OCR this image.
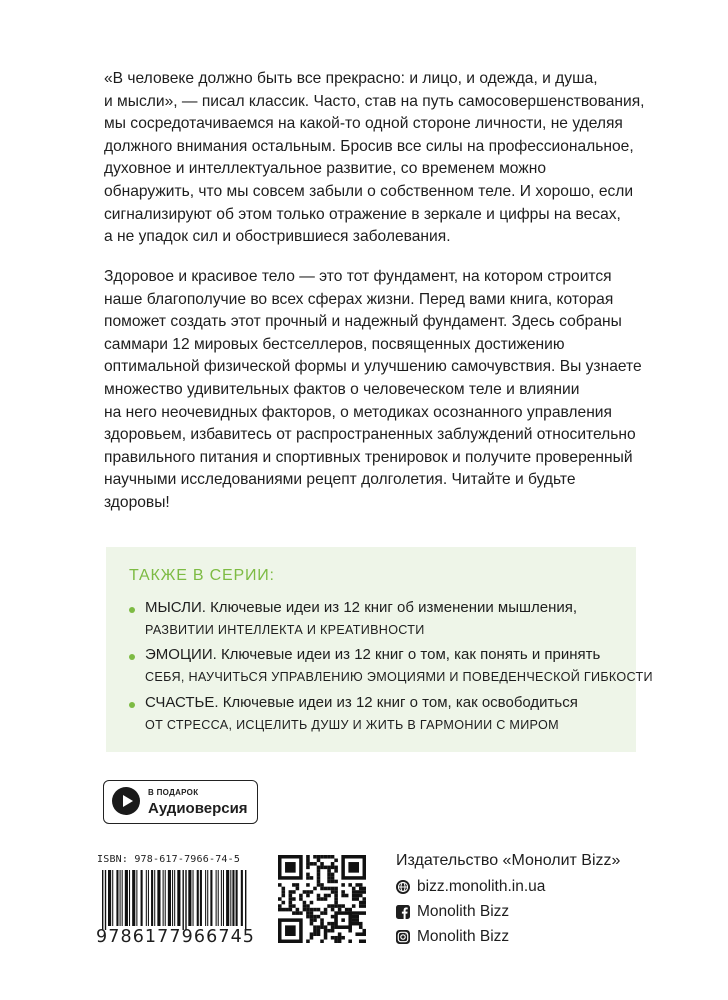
«В человеке должно быть все прекрасно: и лицо, и одежда, и душа,
и мысли», — писал классик. Часто, став на путь самосовершенствования,
мы сосредотачиваемся на какой-то одной стороне личности, не уделяя
должного внимания остальным. Бросив все силы на профессиональное,
духовное и интеллектуальное развитие, со временем можно
обнаружить, что мы совсем забыли о собственном теле. И хорошо, если
сигнализируют об этом только отражение в зеркале и цифры на весах,
а не упадок сил и обострившиеся заболевания.
Здоровое и красивое тело — это тот фундамент, на котором строится
наше благополучие во всех сферах жизни. Перед вами книга, которая
поможет создать этот прочный и надежный фундамент. Здесь собраны
саммари 12 мировых бестселлеров, посвященных достижению
оптимальной физической формы и улучшению самочувствия. Вы узнаете
множество удивительных фактов о человеческом теле и влиянии
на него неочевидных факторов, о методиках осознанного управления
здоровьем, избавитесь от распространенных заблуждений относительно
правильного питания и спортивных тренировок и получите проверенный
научными исследованиями рецепт долголетия. Читайте и будьте
здоровы!
ТАКЖЕ В СЕРИИ:
МЫСЛИ. Ключевые идеи из 12 книг об изменении мышления,
РАЗВИТИИ ИНТЕЛЛЕКТА И КРЕАТИВНОСТИ
ЭМОЦИИ. Ключевые идеи из 12 книг о том, как понять и принять
СЕБЯ, НАУЧИТЬСЯ УПРАВЛЕНИЮ ЭМОЦИЯМИ И ПОВЕДЕНЧЕСКОЙ ГИБКОСТИ
СЧАСТЬЕ. Ключевые идеи из 12 книг о том, как освободиться
ОТ СТРЕССА, ИСЦЕЛИТЬ ДУШУ И ЖИТЬ В ГАРМОНИИ С МИРОМ
В ПОДАРОК
Аудиоверсия
ISBN: 978-617-7966-74-5
9786177966745
Издательство «Монолит Bizz»
bizz.monolith.in.ua
Monolith Bizz
Monolith Bizz
